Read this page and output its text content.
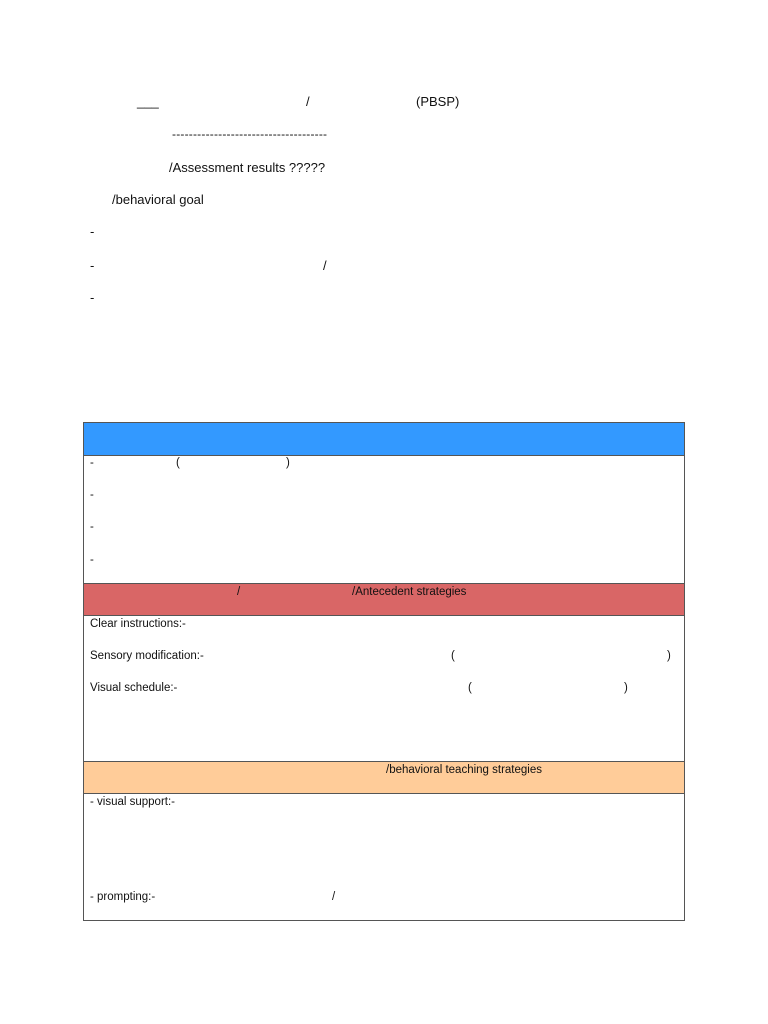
___	/	(PBSP)
-------------------------------------
/Assessment results ?????
/behavioral goal
-
-	/
-
-	(	)
-
-
-
/	/Antecedent strategies
Clear instructions:-
Sensory modification:-	(	)
Visual schedule:-	(	)
/behavioral teaching strategies
- visual support:-
- prompting:-	/
